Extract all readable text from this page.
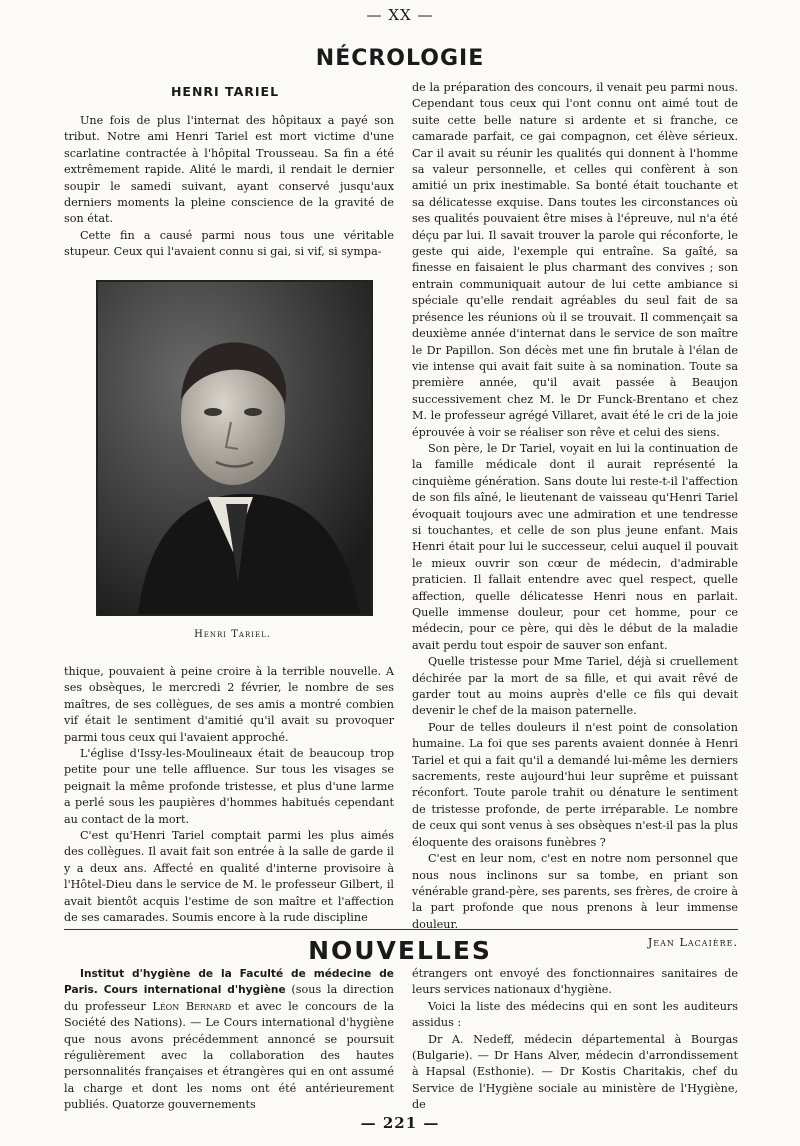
— XX —
NÉCROLOGIE
HENRI TARIEL

Une fois de plus l'internat des hôpitaux a payé son tribut. Notre ami Henri Tariel est mort victime d'une scarlatine contractée à l'hôpital Trousseau. Sa fin a été extrêmement rapide. Alité le mardi, il rendait le dernier soupir le samedi suivant, ayant conservé jusqu'aux derniers moments la pleine conscience de la gravité de son état.

Cette fin a causé parmi nous tous une véritable stupeur. Ceux qui l'avaient connu si gai, si vif, si sympa-

Henri Tariel.

thique, pouvaient à peine croire à la terrible nouvelle. A ses obsèques, le mercredi 2 février, le nombre de ses maîtres, de ses collègues, de ses amis a montré combien vif était le sentiment d'amitié qu'il avait su provoquer parmi tous ceux qui l'avaient approché.

L'église d'Issy-les-Moulineaux était de beaucoup trop petite pour une telle affluence. Sur tous les visages se peignait la même profonde tristesse, et plus d'une larme a perlé sous les paupières d'hommes habitués cependant au contact de la mort.

C'est qu'Henri Tariel comptait parmi les plus aimés des collègues. Il avait fait son entrée à la salle de garde il y a deux ans. Affecté en qualité d'interne provisoire à l'Hôtel-Dieu dans le service de M. le professeur Gilbert, il avait bientôt acquis l'estime de son maître et l'affection de ses camarades. Soumis encore à la rude discipline

de la préparation des concours, il venait peu parmi nous. Cependant tous ceux qui l'ont connu ont aimé tout de suite cette belle nature si ardente et si franche, ce camarade parfait, ce gai compagnon, cet élève sérieux. Car il avait su réunir les qualités qui donnent à l'homme sa valeur personnelle, et celles qui confèrent à son amitié un prix inestimable. Sa bonté était touchante et sa délicatesse exquise. Dans toutes les circonstances où ses qualités pouvaient être mises à l'épreuve, nul n'a été déçu par lui. Il savait trouver la parole qui réconforte, le geste qui aide, l'exemple qui entraîne. Sa gaîté, sa finesse en faisaient le plus charmant des convives ; son entrain communiquait autour de lui cette ambiance si spéciale qu'elle rendait agréables du seul fait de sa présence les réunions où il se trouvait. Il commençait sa deuxième année d'internat dans le service de son maître le Dr Papillon. Son décès met une fin brutale à l'élan de vie intense qui avait fait suite à sa nomination. Toute sa première année, qu'il avait passée à Beaujon successivement chez M. le Dr Funck-Brentano et chez M. le professeur agrégé Villaret, avait été le cri de la joie éprouvée à voir se réaliser son rêve et celui des siens.

Son père, le Dr Tariel, voyait en lui la continuation de la famille médicale dont il aurait représenté la cinquième génération. Sans doute lui reste-t-il l'affection de son fils aîné, le lieutenant de vaisseau qu'Henri Tariel évoquait toujours avec une admiration et une tendresse si touchantes, et celle de son plus jeune enfant. Mais Henri était pour lui le successeur, celui auquel il pouvait le mieux ouvrir son cœur de médecin, d'admirable praticien. Il fallait entendre avec quel respect, quelle affection, quelle délicatesse Henri nous en parlait. Quelle immense douleur, pour cet homme, pour ce médecin, pour ce père, qui dès le début de la maladie avait perdu tout espoir de sauver son enfant.

Quelle tristesse pour Mme Tariel, déjà si cruellement déchirée par la mort de sa fille, et qui avait rêvé de garder tout au moins auprès d'elle ce fils qui devait devenir le chef de la maison paternelle.

Pour de telles douleurs il n'est point de consolation humaine. La foi que ses parents avaient donnée à Henri Tariel et qui a fait qu'il a demandé lui-même les derniers sacrements, reste aujourd'hui leur suprême et puissant réconfort. Toute parole trahit ou dénature le sentiment de tristesse profonde, de perte irréparable. Le nombre de ceux qui sont venus à ses obsèques n'est-il pas la plus éloquente des oraisons funèbres ?

C'est en leur nom, c'est en notre nom personnel que nous nous inclinons sur sa tombe, en priant son vénérable grand-père, ses parents, ses frères, de croire à la part profonde que nous prenons à leur immense douleur.

Jean Lacaière.
NOUVELLES

Institut d'hygiène de la Faculté de médecine de Paris. Cours international d'hygiène (sous la direction du professeur Léon Bernard et avec le concours de la Société des Nations). — Le Cours international d'hygiène que nous avons précédemment annoncé se poursuit régulièrement avec la collaboration des hautes personnalités françaises et étrangères qui en ont assumé la charge et dont les noms ont été antérieurement publiés. Quatorze gouvernements

étrangers ont envoyé des fonctionnaires sanitaires de leurs services nationaux d'hygiène.

Voici la liste des médecins qui en sont les auditeurs assidus :

Dr A. Nedeff, médecin départemental à Bourgas (Bulgarie). — Dr Hans Alver, médecin d'arrondissement à Hapsal (Esthonie). — Dr Kostis Charitakis, chef du Service de l'Hygiène sociale au ministère de l'Hygiène, de

— 221 —
